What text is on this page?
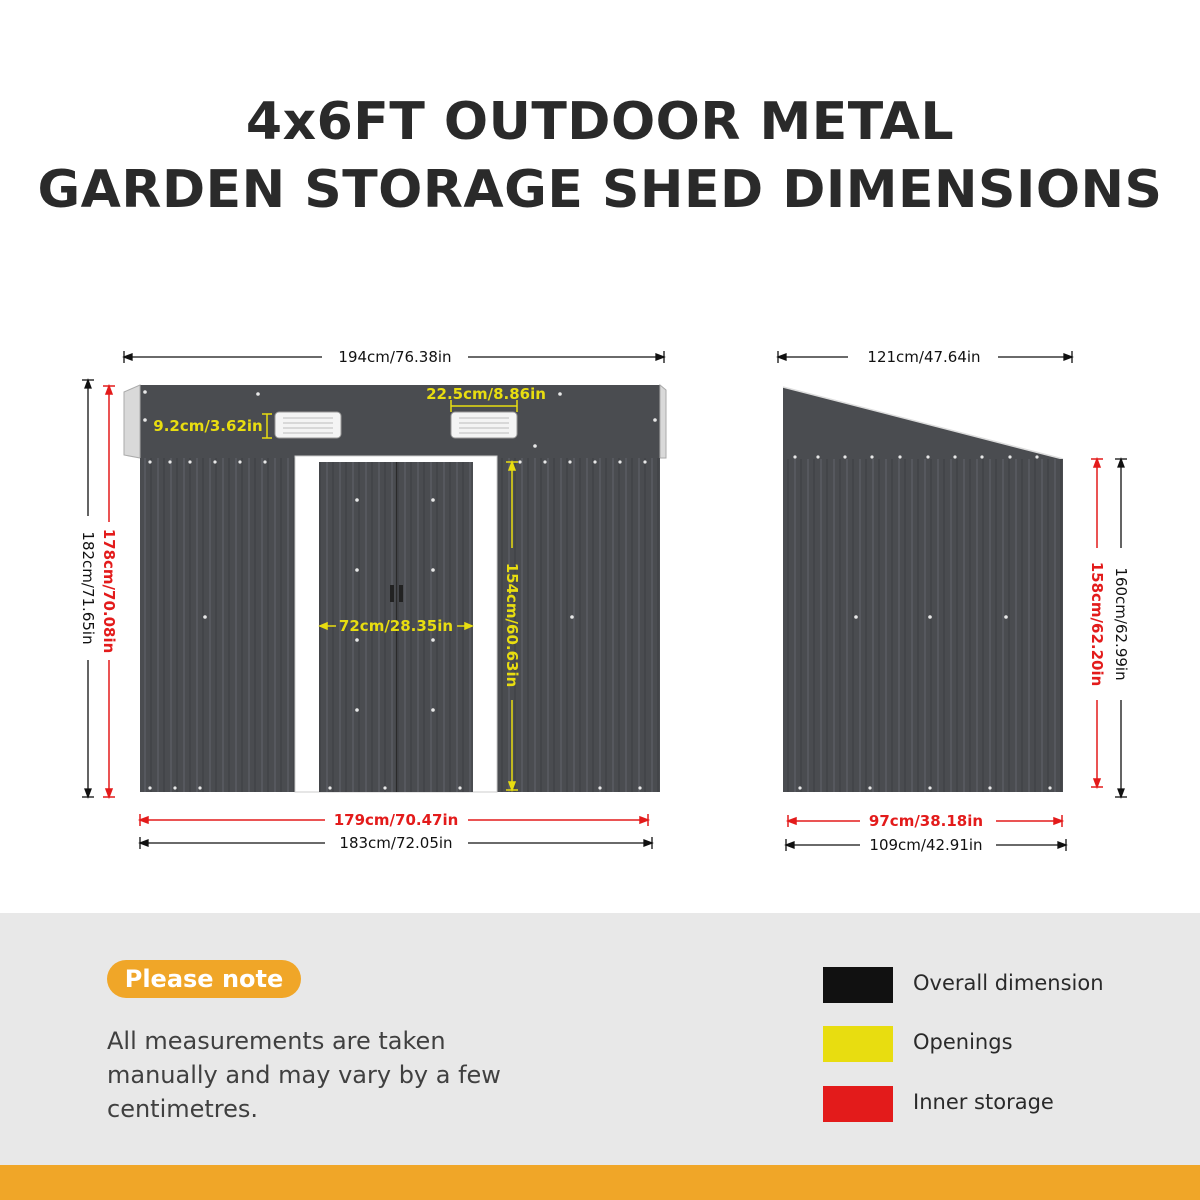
4x6FT OUTDOOR METAL
GARDEN STORAGE SHED DIMENSIONS
194cm/76.38in
22.5cm/8.86in
9.2cm/3.62in
72cm/28.35in	154cm/60.63in
178cm/70.08in
182cm/71.65in
179cm/70.47in
183cm/72.05in
121cm/47.64in
158cm/62.20in 160cm/62.99in
97cm/38.18in
109cm/42.91in
Please note
All measurements are taken manually and may vary by a few centimetres.
Overall dimension
Openings
Inner storage
